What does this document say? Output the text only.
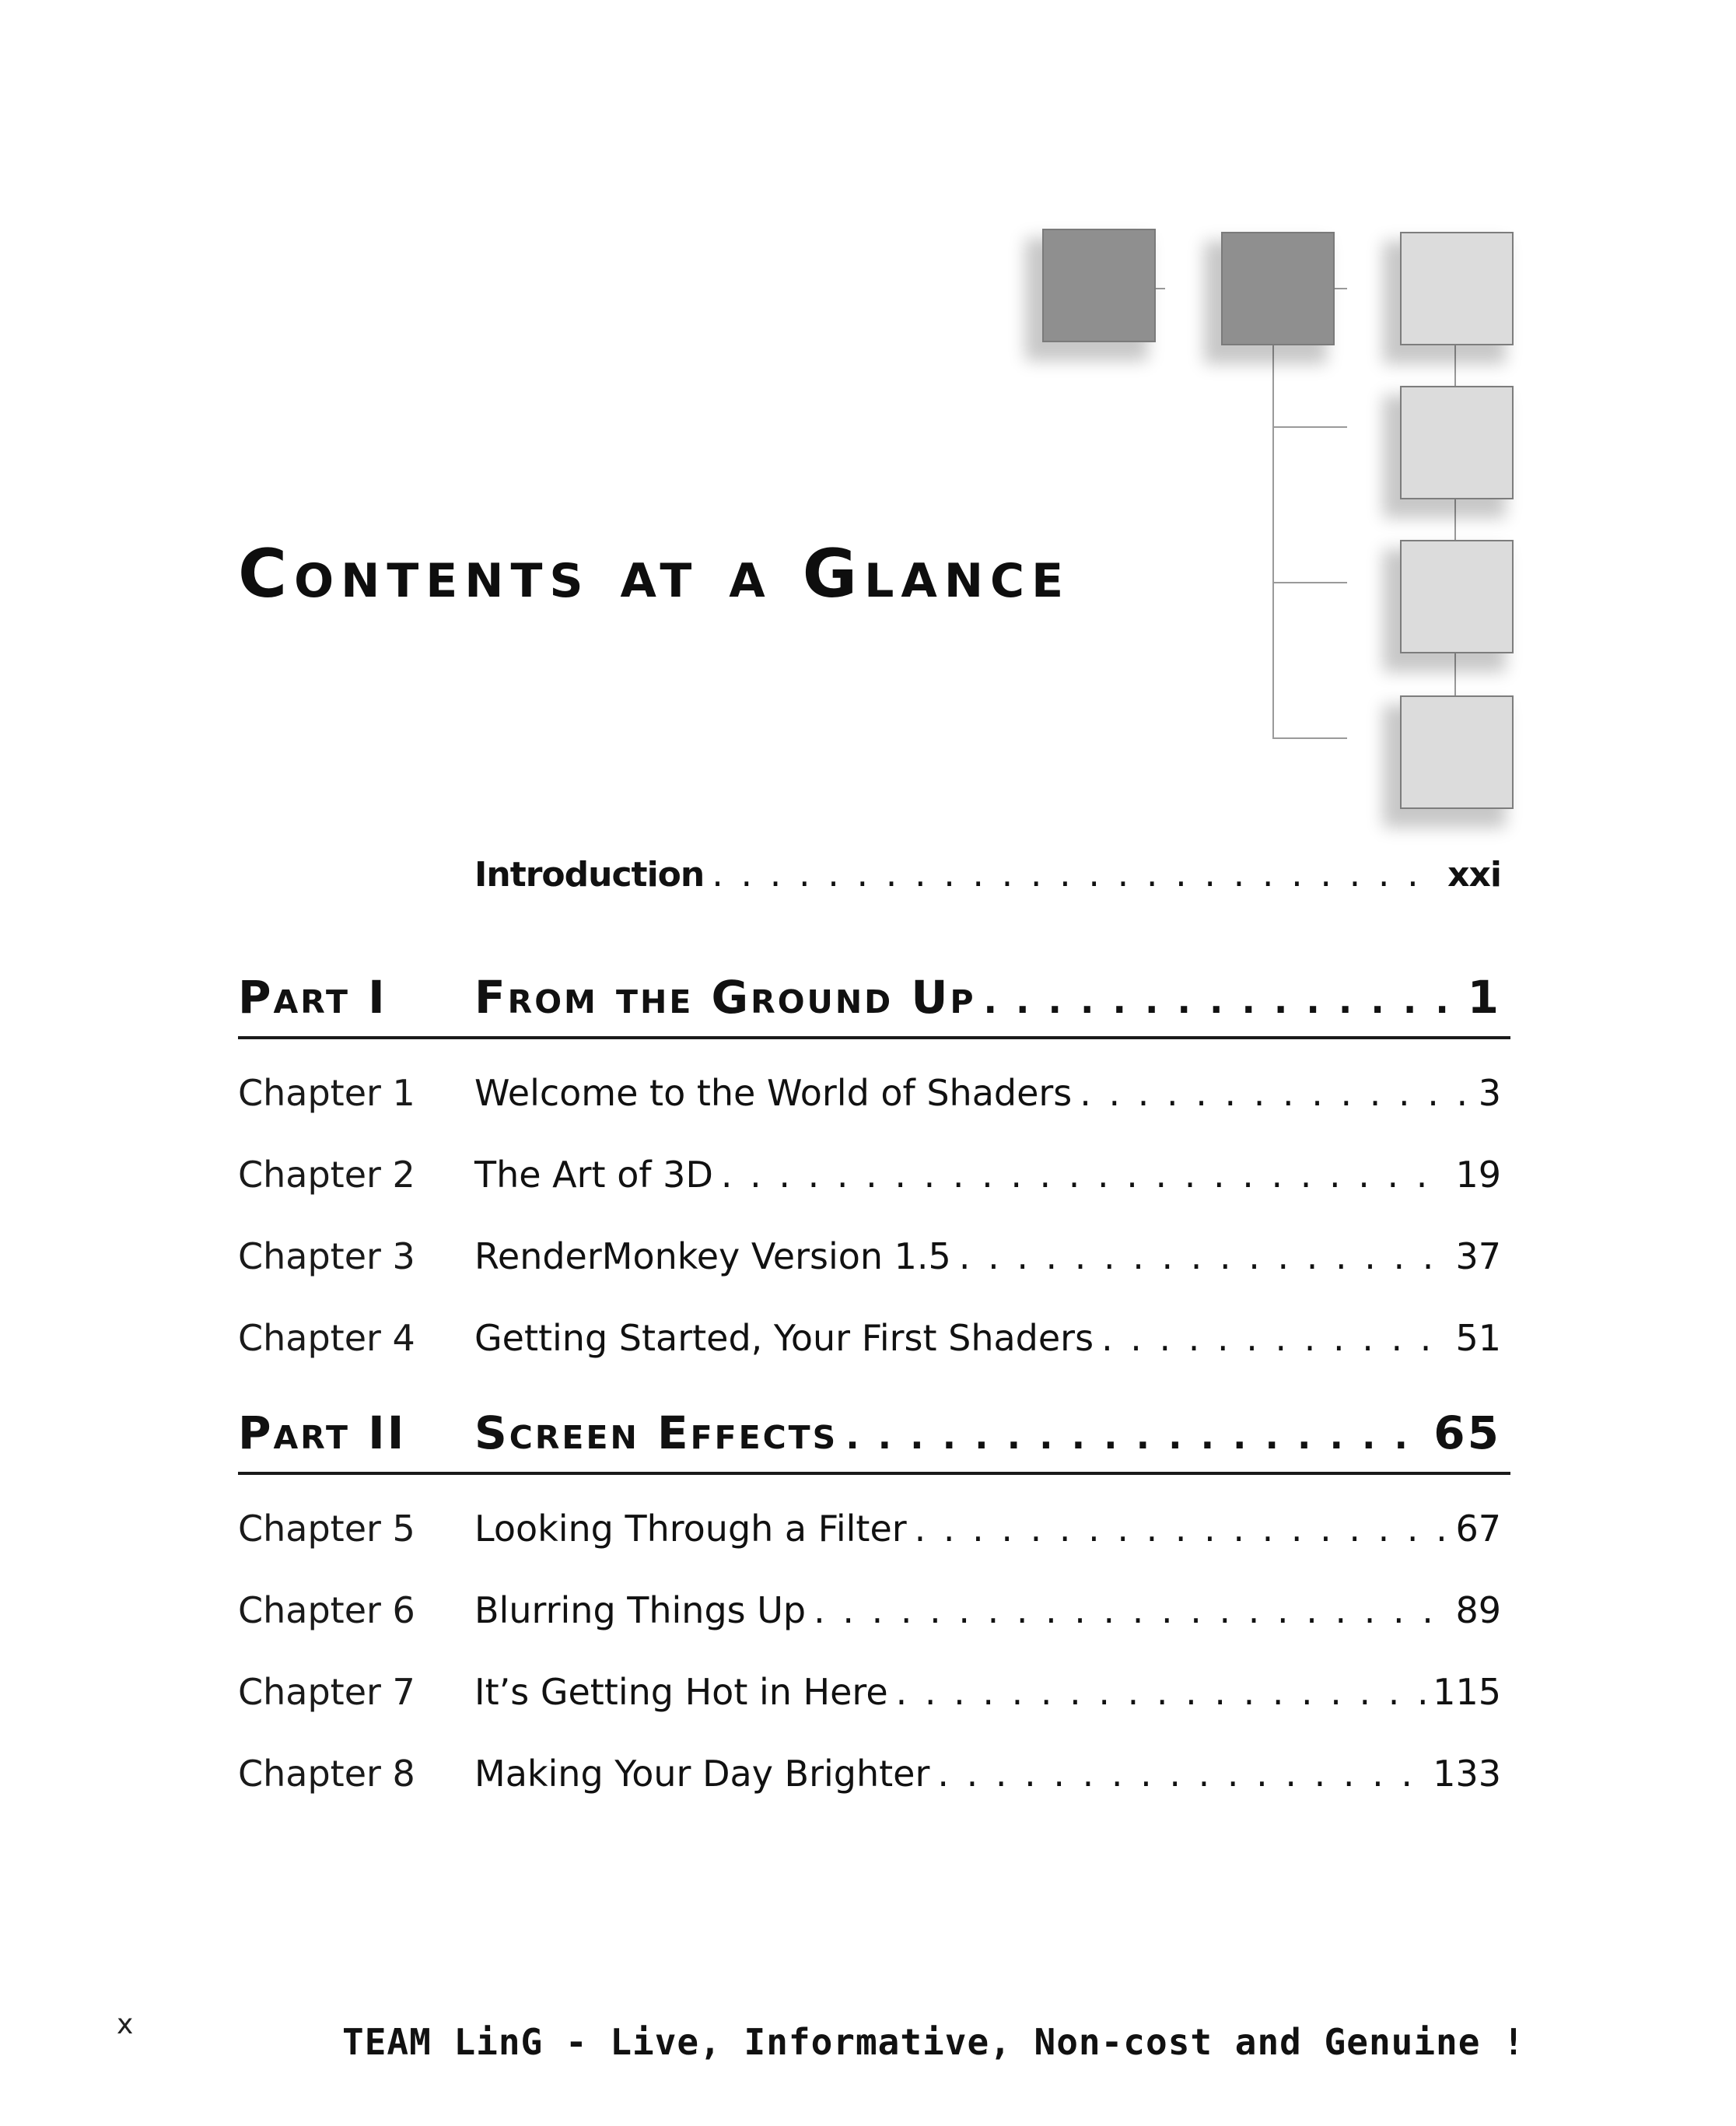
Contents at a Glance
Introduction . . .	xxi
Part I	From the Ground Up . . .	1
Chapter 1	Welcome to the World of Shaders . . .	3
Chapter 2	The Art of 3D . . .	19
Chapter 3	RenderMonkey Version 1.5 . . .	37
Chapter 4	Getting Started, Your First Shaders . . .	51
Part II	Screen Effects . . .	65
Chapter 5	Looking Through a Filter . . .	67
Chapter 6	Blurring Things Up . . .	89
Chapter 7	It’s Getting Hot in Here . . .	115
Chapter 8	Making Your Day Brighter . . .	133
x	TEAM LinG - Live, Informative, Non-cost and Genuine !
